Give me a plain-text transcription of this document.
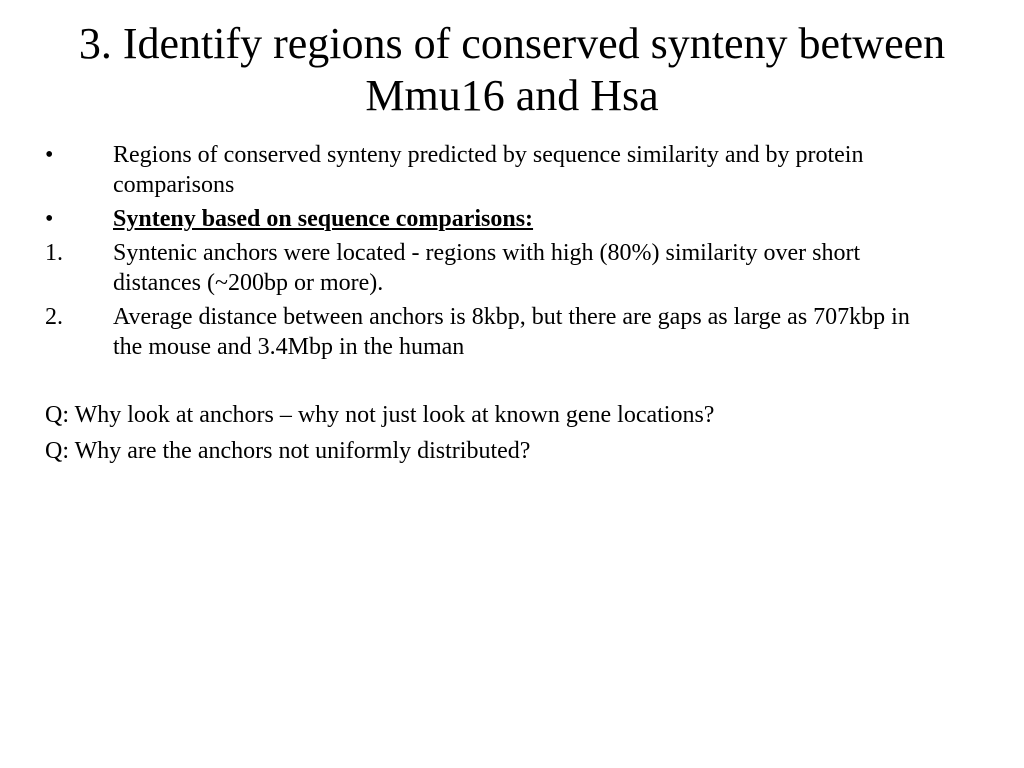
3. Identify regions of conserved synteny between Mmu16 and Hsa
•	Regions of conserved synteny predicted by sequence similarity and by protein comparisons
•	Synteny based on sequence comparisons:
1.	Syntenic anchors were located - regions with high (80%) similarity over short distances (~200bp or more).
2.	Average distance between anchors is 8kbp, but there are gaps as large as 707kbp in the mouse and 3.4Mbp in the human
Q: Why look at anchors – why not just look at known gene locations?
Q: Why are the anchors not uniformly distributed?
